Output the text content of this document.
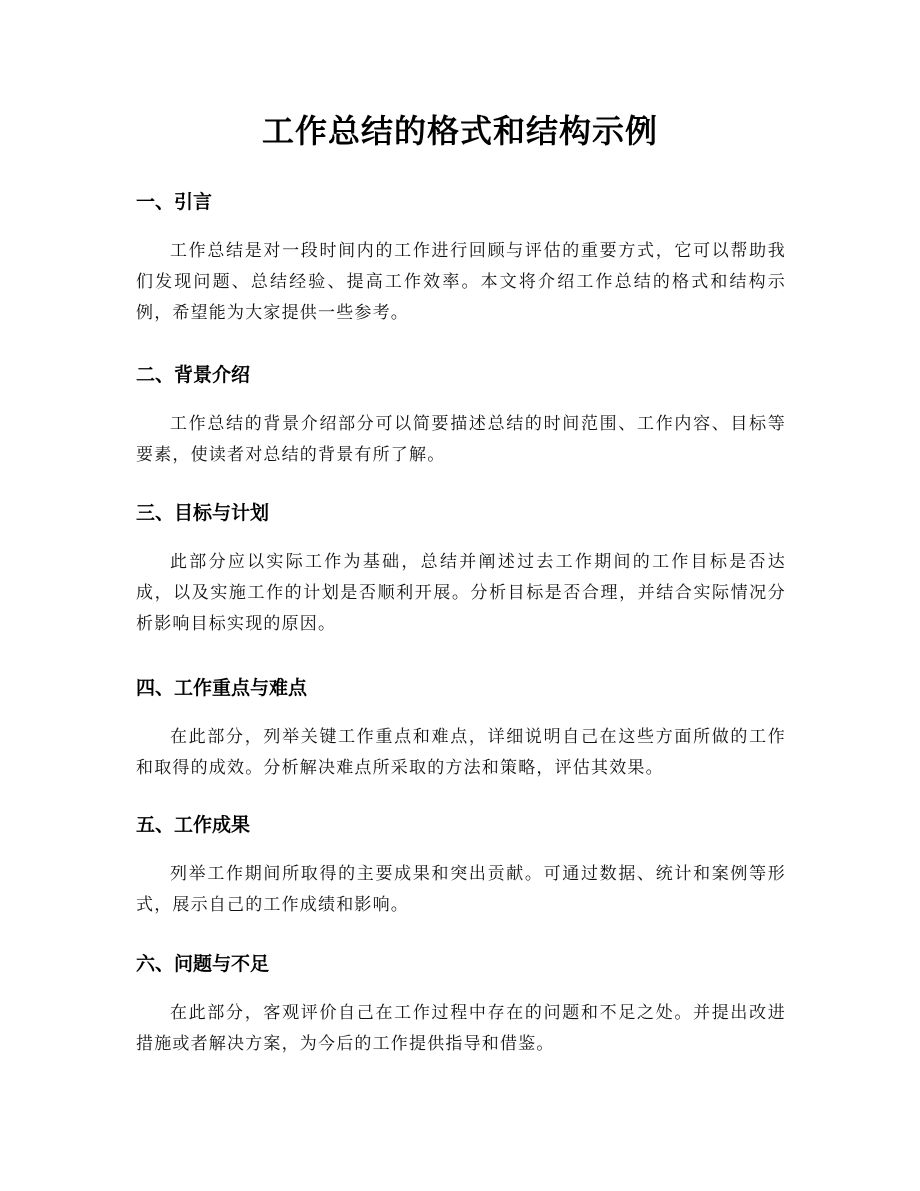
工作总结的格式和结构示例

一、引言

工作总结是对一段时间内的工作进行回顾与评估的重要方式，它可以帮助我们发现问题、总结经验、提高工作效率。本文将介绍工作总结的格式和结构示例，希望能为大家提供一些参考。

二、背景介绍

工作总结的背景介绍部分可以简要描述总结的时间范围、工作内容、目标等要素，使读者对总结的背景有所了解。

三、目标与计划

此部分应以实际工作为基础，总结并阐述过去工作期间的工作目标是否达成，以及实施工作的计划是否顺利开展。分析目标是否合理，并结合实际情况分析影响目标实现的原因。

四、工作重点与难点

在此部分，列举关键工作重点和难点，详细说明自己在这些方面所做的工作和取得的成效。分析解决难点所采取的方法和策略，评估其效果。

五、工作成果

列举工作期间所取得的主要成果和突出贡献。可通过数据、统计和案例等形式，展示自己的工作成绩和影响。

六、问题与不足

在此部分，客观评价自己在工作过程中存在的问题和不足之处。并提出改进措施或者解决方案，为今后的工作提供指导和借鉴。
